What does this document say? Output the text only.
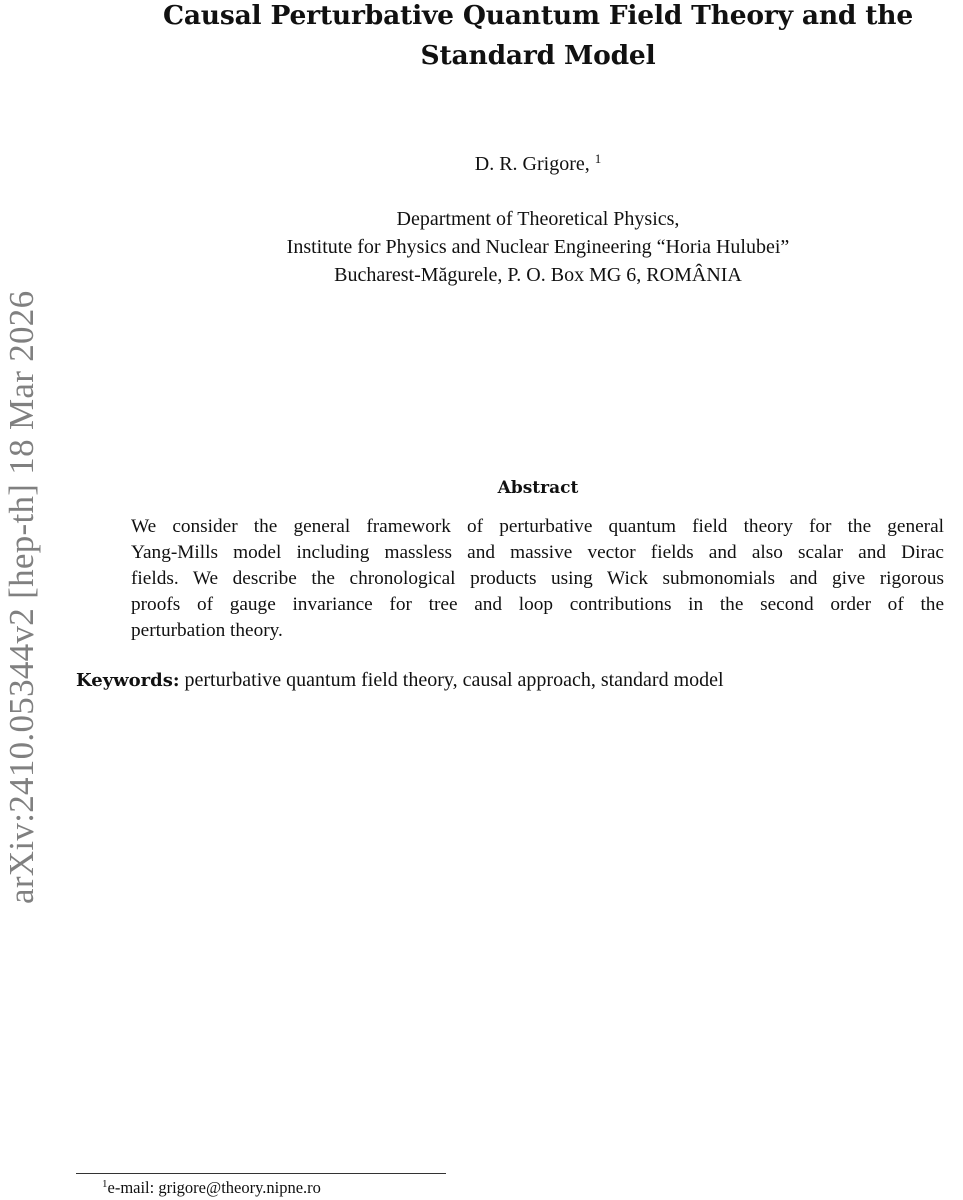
Causal Perturbative Quantum Field Theory and the
Standard Model
D. R. Grigore, $^1$
Department of Theoretical Physics,
Institute for Physics and Nuclear Engineering “Horia Hulubei”
Bucharest-Măgurele, P. O. Box MG 6, ROMÂNIA
arXiv:2410.05344v2 [hep-th] 18 Mar 2026	Abstract
We consider the general framework of perturbative quantum field theory for the general
Yang-Mills model including massless and massive vector fields and also scalar and Dirac
fields. We describe the chronological products using Wick submonomials and give rigorous
proofs of gauge invariance for tree and loop contributions in the second order of the
perturbation theory.
Keywords: perturbative quantum field theory, causal approach, standard model
$^1$e-mail: grigore@theory.nipne.ro
